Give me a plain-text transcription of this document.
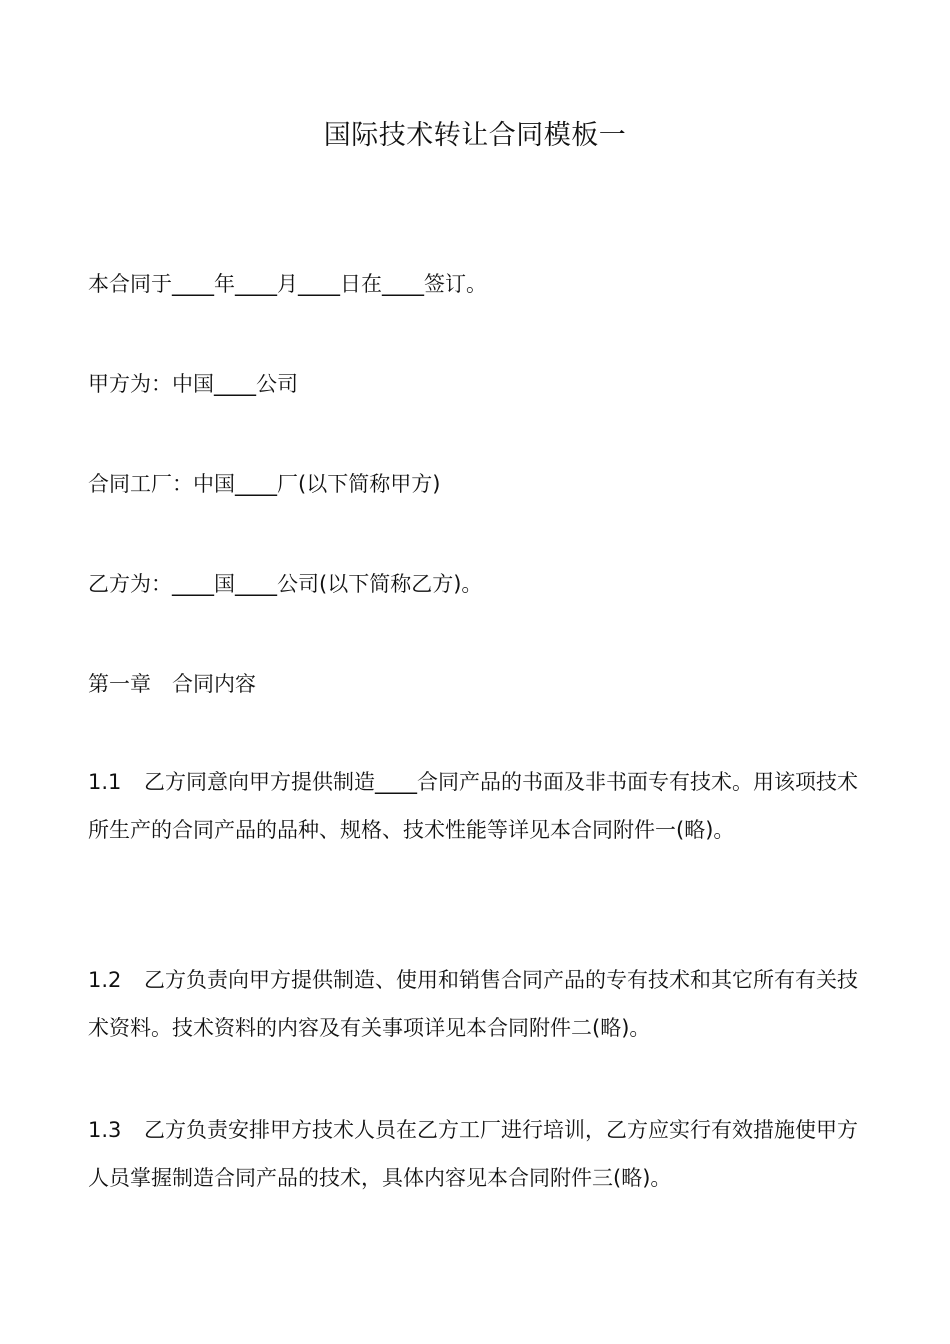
国际技术转让合同模板一
本合同于____年____月____日在____签订。
甲方为：中国____公司
合同工厂：中国____厂(以下简称甲方)
乙方为：____国____公司(以下简称乙方)。
第一章　合同内容
1.1 乙方同意向甲方提供制造____合同产品的书面及非书面专有技术。用该项技术所生产的合同产品的品种、规格、技术性能等详见本合同附件一(略)。
1.2 乙方负责向甲方提供制造、使用和销售合同产品的专有技术和其它所有有关技术资料。技术资料的内容及有关事项详见本合同附件二(略)。
1.3 乙方负责安排甲方技术人员在乙方工厂进行培训，乙方应实行有效措施使甲方人员掌握制造合同产品的技术，具体内容见本合同附件三(略)。
